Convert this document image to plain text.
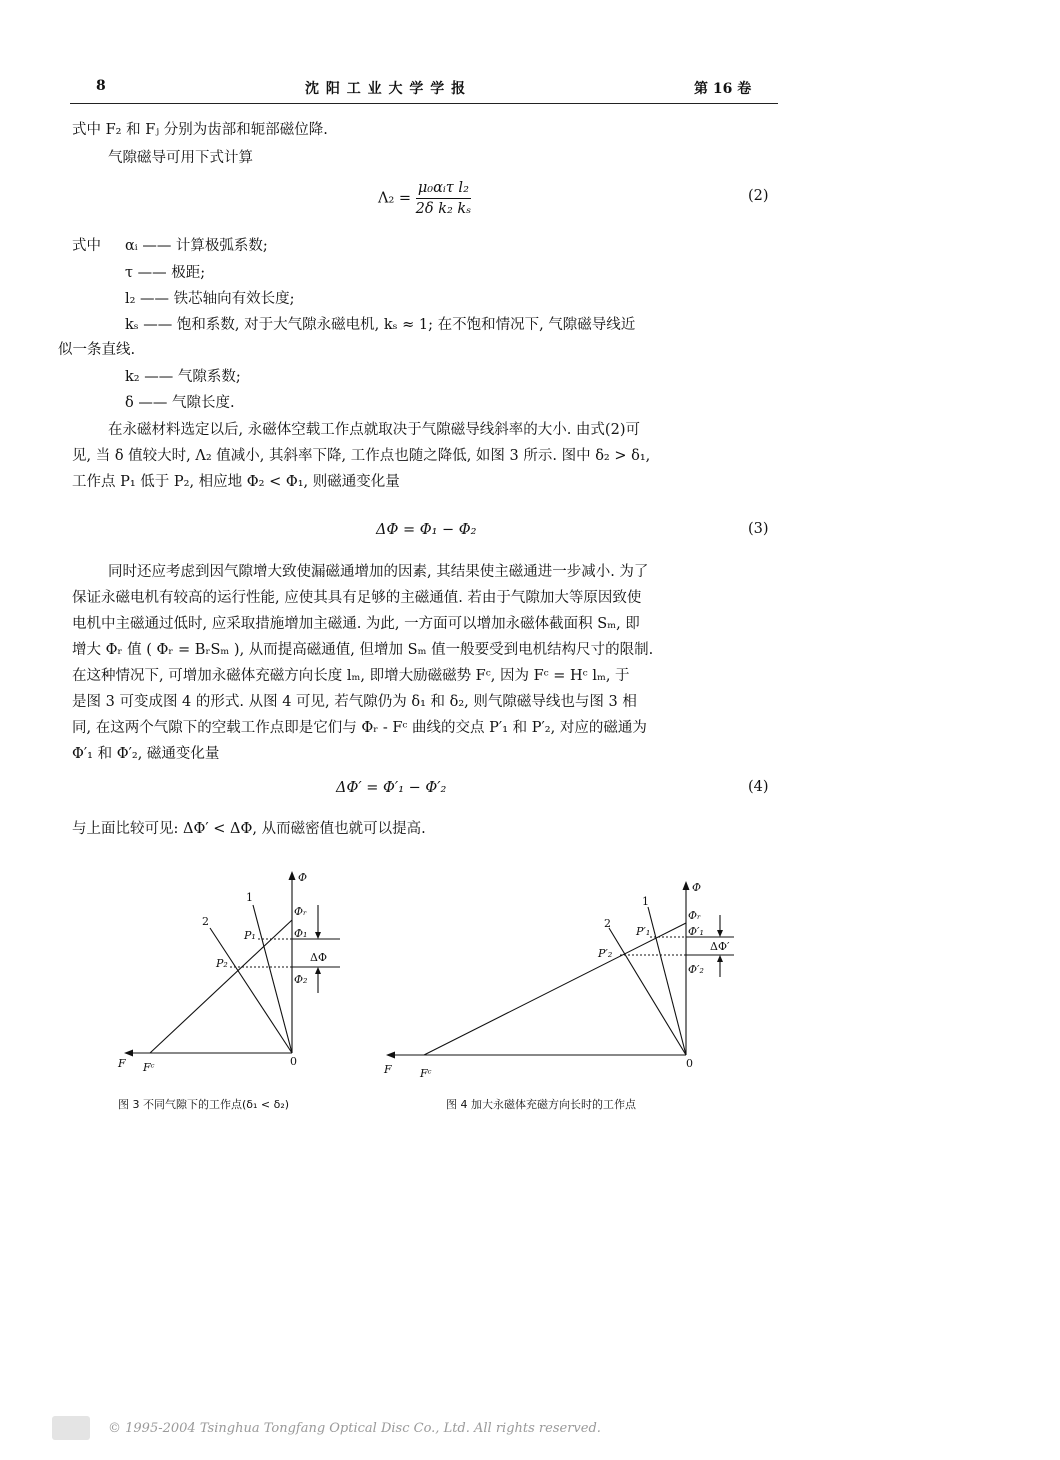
8	沈 阳 工 业 大 学 学 报	第 16 卷
式中 F₂ 和 Fⱼ 分别为齿部和轭部磁位降.
气隙磁导可用下式计算
$\Lambda_2 = \frac{\text{μ₀αᵢτ l₂}}{\text{2δ k₂ kₛ}}$	(2)
式中 αᵢ —— 计算极弧系数;
τ —— 极距;
l₂ —— 铁芯轴向有效长度;
kₛ —— 饱和系数, 对于大气隙永磁电机, kₛ ≈ 1; 在不饱和情况下, 气隙磁导线近
似一条直线.
k₂ —— 气隙系数;
δ —— 气隙长度.
在永磁材料选定以后, 永磁体空载工作点就取决于气隙磁导线斜率的大小. 由式(2)可
见, 当 δ 值较大时, Λ₂ 值减小, 其斜率下降, 工作点也随之降低, 如图 3 所示. 图中 δ₂ > δ₁,
工作点 P₁ 低于 P₂, 相应地 Φ₂ < Φ₁, 则磁通变化量
ΔΦ = Φ₁ − Φ₂	(3)
同时还应考虑到因气隙增大致使漏磁通增加的因素, 其结果使主磁通进一步减小. 为了
保证永磁电机有较高的运行性能, 应使其具有足够的主磁通值. 若由于气隙加大等原因致使
电机中主磁通过低时, 应采取措施增加主磁通. 为此, 一方面可以增加永磁体截面积 Sₘ, 即
增大 Φᵣ 值 ( Φᵣ = BᵣSₘ ), 从而提高磁通值, 但增加 Sₘ 值一般要受到电机结构尺寸的限制.
在这种情况下, 可增加永磁体充磁方向长度 lₘ, 即增大励磁磁势 Fᶜ, 因为 Fᶜ = Hᶜ lₘ, 于
是图 3 可变成图 4 的形式. 从图 4 可见, 若气隙仍为 δ₁ 和 δ₂, 则气隙磁导线也与图 3 相
同, 在这两个气隙下的空载工作点即是它们与 Φᵣ - Fᶜ 曲线的交点 P′₁ 和 P′₂, 对应的磁通为
Φ′₁ 和 Φ′₂, 磁通变化量
ΔΦ′ = Φ′₁ − Φ′₂	(4)
与上面比较可见: ΔΦ′ < ΔΦ, 从而磁密值也就可以提高.
Φ
F Fᶜ	0
1
2
Φᵣ
Φ₁
Φ₂
ΔΦ
P₁
P₂
图 3 不同气隙下的工作点(δ₁ < δ₂)
Φ
F	Fᶜ
0
1
2
Φᵣ
Φ′₁
Φ′₂
ΔΦ′
P′₁
P′₂
图 4 加大永磁体充磁方向长时的工作点
© 1995-2004 Tsinghua Tongfang Optical Disc Co., Ltd. All rights reserved.
